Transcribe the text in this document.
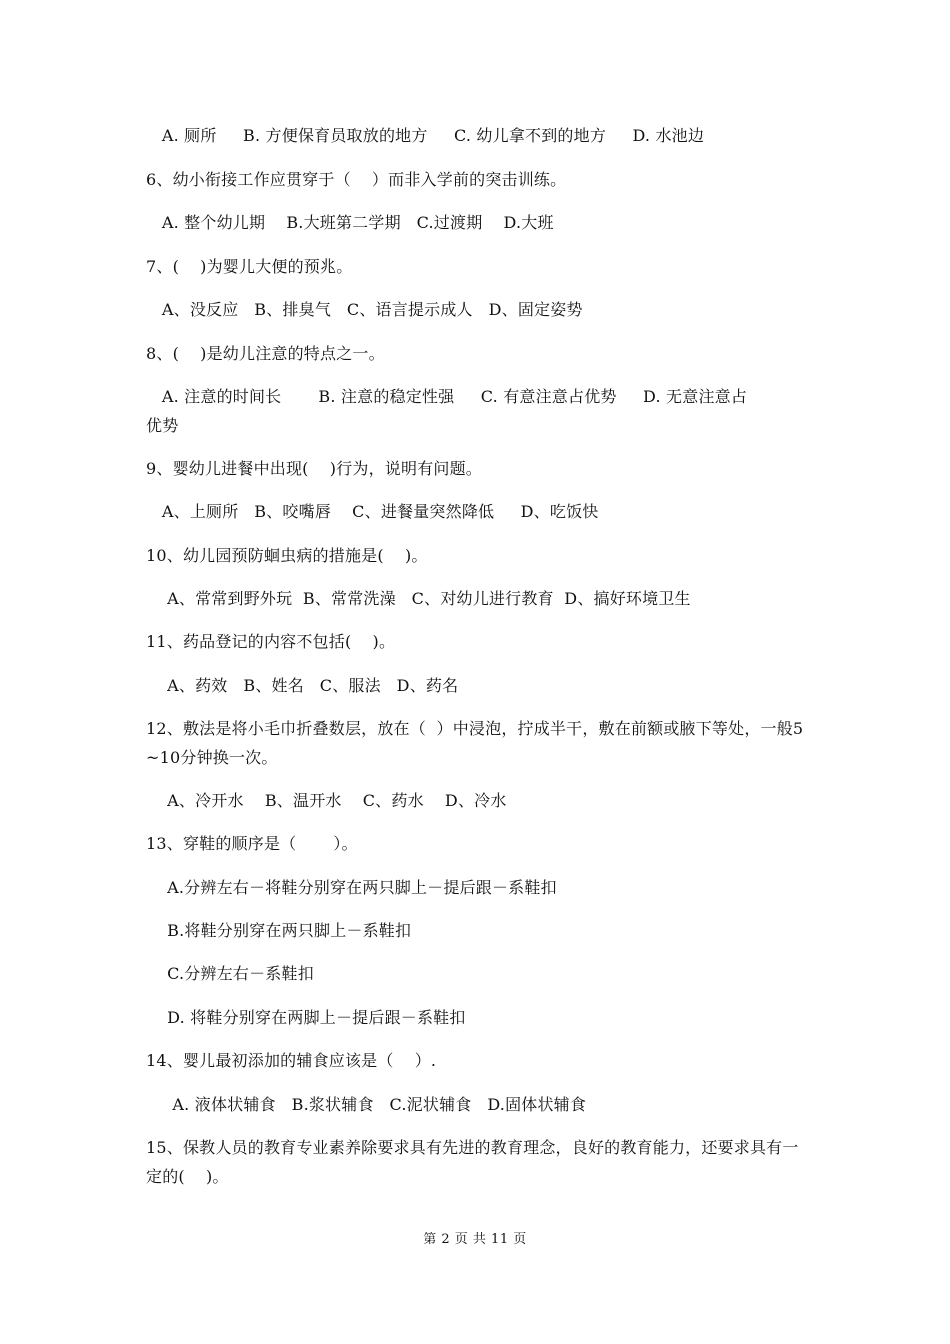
A. 厕所     B. 方便保育员取放的地方     C. 幼儿拿不到的地方     D. 水池边
6、幼小衔接工作应贯穿于（    ）而非入学前的突击训练。
A. 整个幼儿期    B.大班第二学期   C.过渡期    D.大班
7、(    )为婴儿大便的预兆。
A、没反应   B、排臭气   C、语言提示成人   D、固定姿势
8、(    )是幼儿注意的特点之一。
A. 注意的时间长       B. 注意的稳定性强     C. 有意注意占优势     D. 无意注意占
优势
9、婴幼儿进餐中出现(    )行为，说明有问题。
A、上厕所   B、咬嘴唇    C、进餐量突然降低     D、吃饭快
10、幼儿园预防蛔虫病的措施是(    )。
A、常常到野外玩  B、常常洗澡   C、对幼儿进行教育  D、搞好环境卫生
11、药品登记的内容不包括(    )。
A、药效   B、姓名   C、服法   D、药名
12、敷法是将小毛巾折叠数层，放在（  ）中浸泡，拧成半干，敷在前额或腋下等处，一般5~10分钟换一次。
A、冷开水    B、温开水    C、药水    D、冷水
13、穿鞋的顺序是（       ）。
A.分辨左右－将鞋分别穿在两只脚上－提后跟－系鞋扣
B.将鞋分别穿在两只脚上－系鞋扣
C.分辨左右－系鞋扣
D. 将鞋分别穿在两脚上－提后跟－系鞋扣
14、婴儿最初添加的辅食应该是（    ）.
A. 液体状辅食   B.浆状辅食   C.泥状辅食   D.固体状辅食
15、保教人员的教育专业素养除要求具有先进的教育理念，良好的教育能力，还要求具有一定的(    )。
第 2 页 共 11 页
